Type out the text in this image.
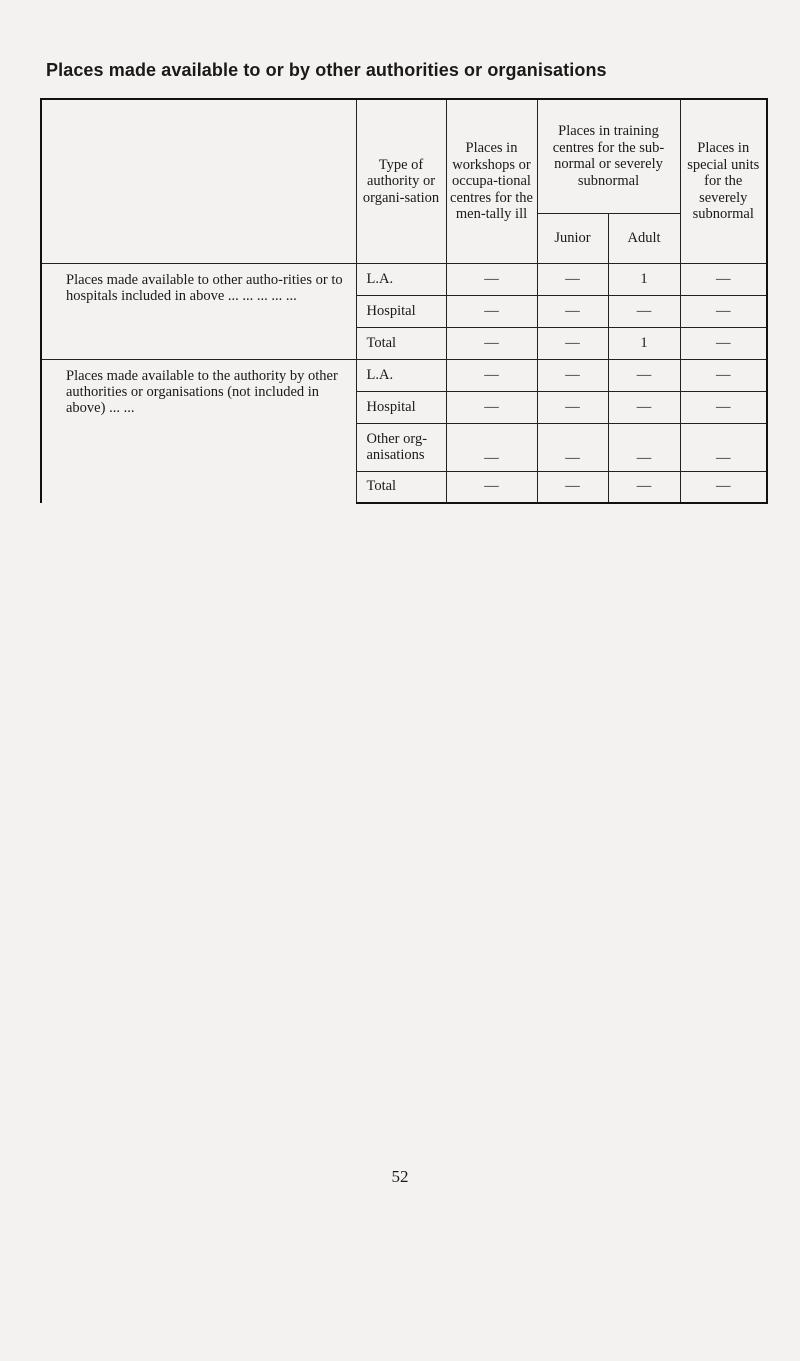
Places made available to or by other authorities or organisations
	Type of authority or organi-sation	Places in workshops or occupa-tional centres for the men-tally ill	Places in training centres for the sub-normal or severely subnormal		Places in special units for the severely subnormal
			Junior	Adult	
Places made available to other autho-rities or to hospitals included in above ... ... ... ... ...	L.A.	—	—	1	—
	Hospital	—	—	—	—
	Total	—	—	1	—
Places made available to the authority by other authorities or organisations (not included in above) ... ...	L.A.	—	—	—	—
	Hospital	—	—	—	—
	Other org-anisations	—	—	—	—
	Total	—	—	—	—
52
